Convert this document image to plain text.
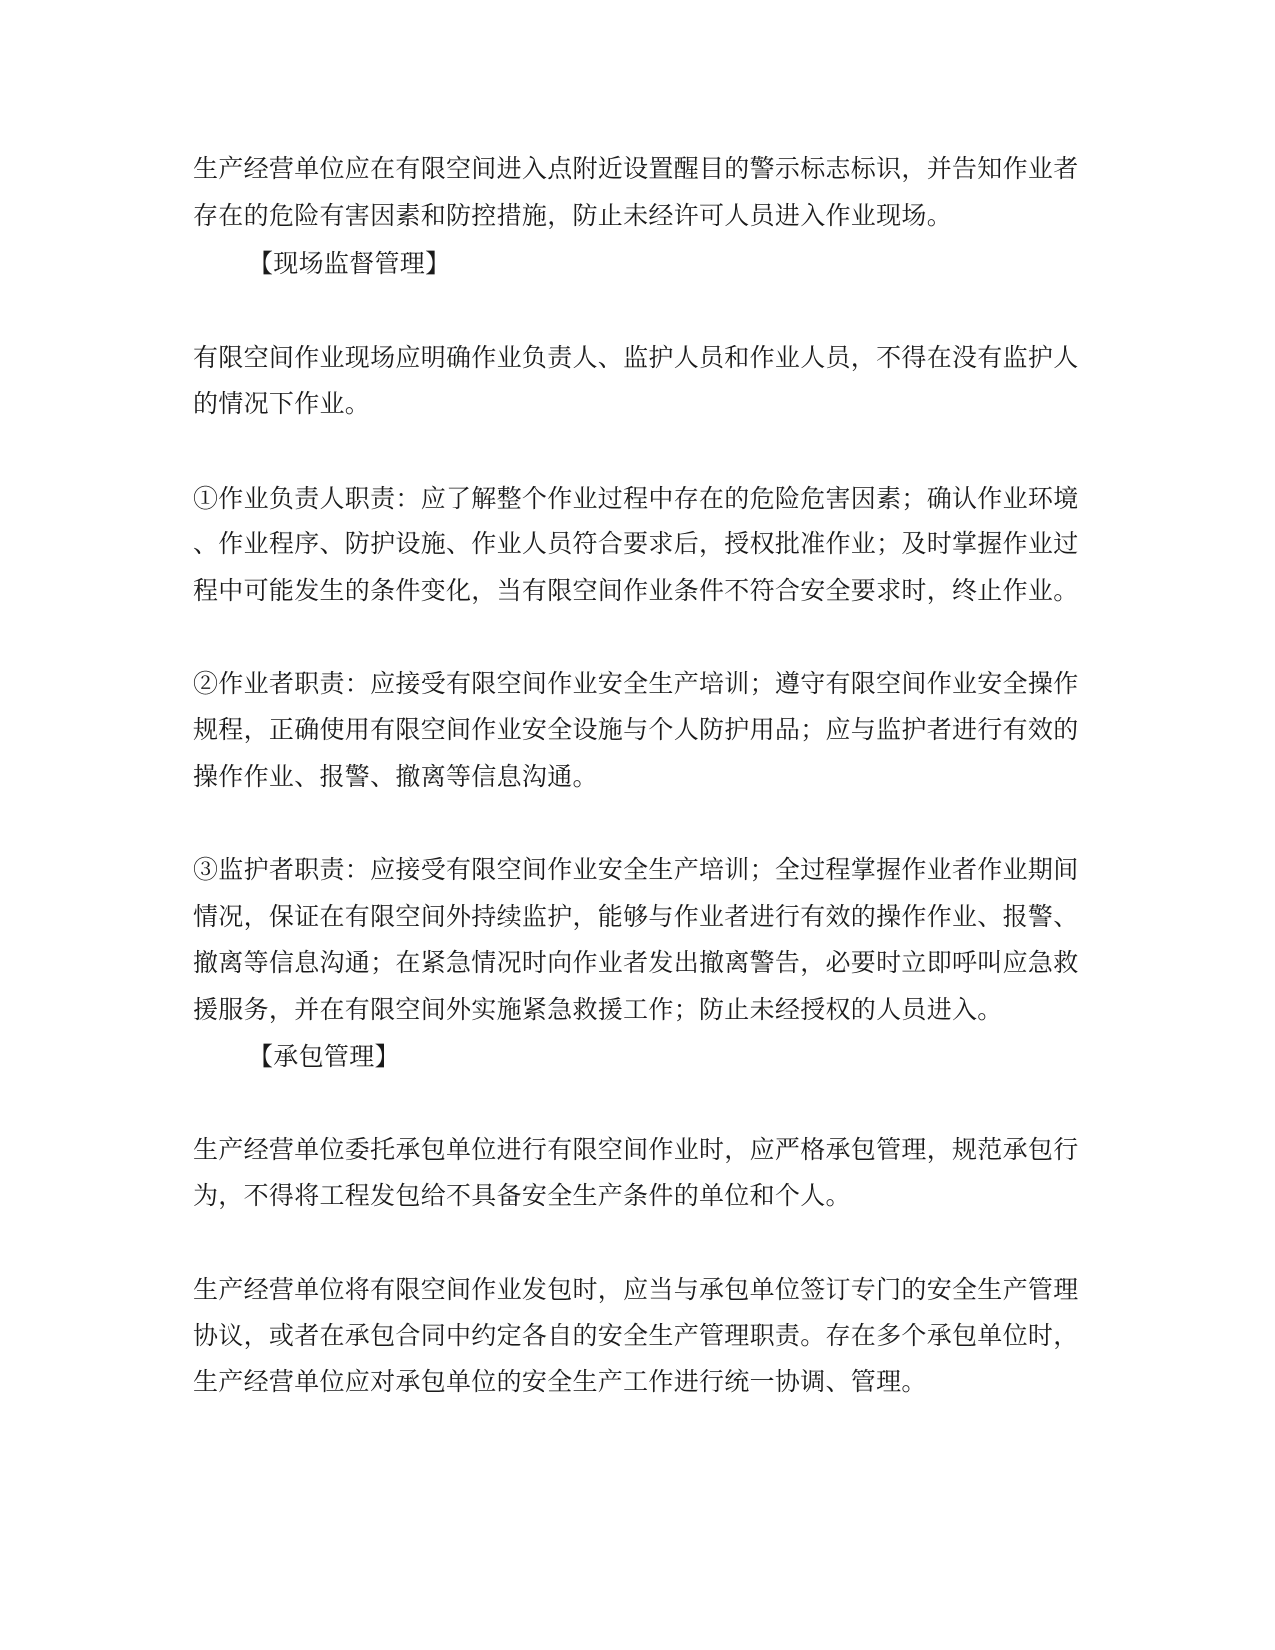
生产经营单位应在有限空间进入点附近设置醒目的警示标志标识，并告知作业者
存在的危险有害因素和防控措施，防止未经许可人员进入作业现场。
【现场监督管理】
有限空间作业现场应明确作业负责人、监护人员和作业人员，不得在没有监护人
的情况下作业。
①作业负责人职责：应了解整个作业过程中存在的危险危害因素；确认作业环境
、作业程序、防护设施、作业人员符合要求后，授权批准作业；及时掌握作业过
程中可能发生的条件变化，当有限空间作业条件不符合安全要求时，终止作业。
②作业者职责：应接受有限空间作业安全生产培训；遵守有限空间作业安全操作
规程，正确使用有限空间作业安全设施与个人防护用品；应与监护者进行有效的
操作作业、报警、撤离等信息沟通。
③监护者职责：应接受有限空间作业安全生产培训；全过程掌握作业者作业期间
情况，保证在有限空间外持续监护，能够与作业者进行有效的操作作业、报警、
撤离等信息沟通；在紧急情况时向作业者发出撤离警告，必要时立即呼叫应急救
援服务，并在有限空间外实施紧急救援工作；防止未经授权的人员进入。
【承包管理】
生产经营单位委托承包单位进行有限空间作业时，应严格承包管理，规范承包行
为，不得将工程发包给不具备安全生产条件的单位和个人。
生产经营单位将有限空间作业发包时，应当与承包单位签订专门的安全生产管理
协议，或者在承包合同中约定各自的安全生产管理职责。存在多个承包单位时，
生产经营单位应对承包单位的安全生产工作进行统一协调、管理。
